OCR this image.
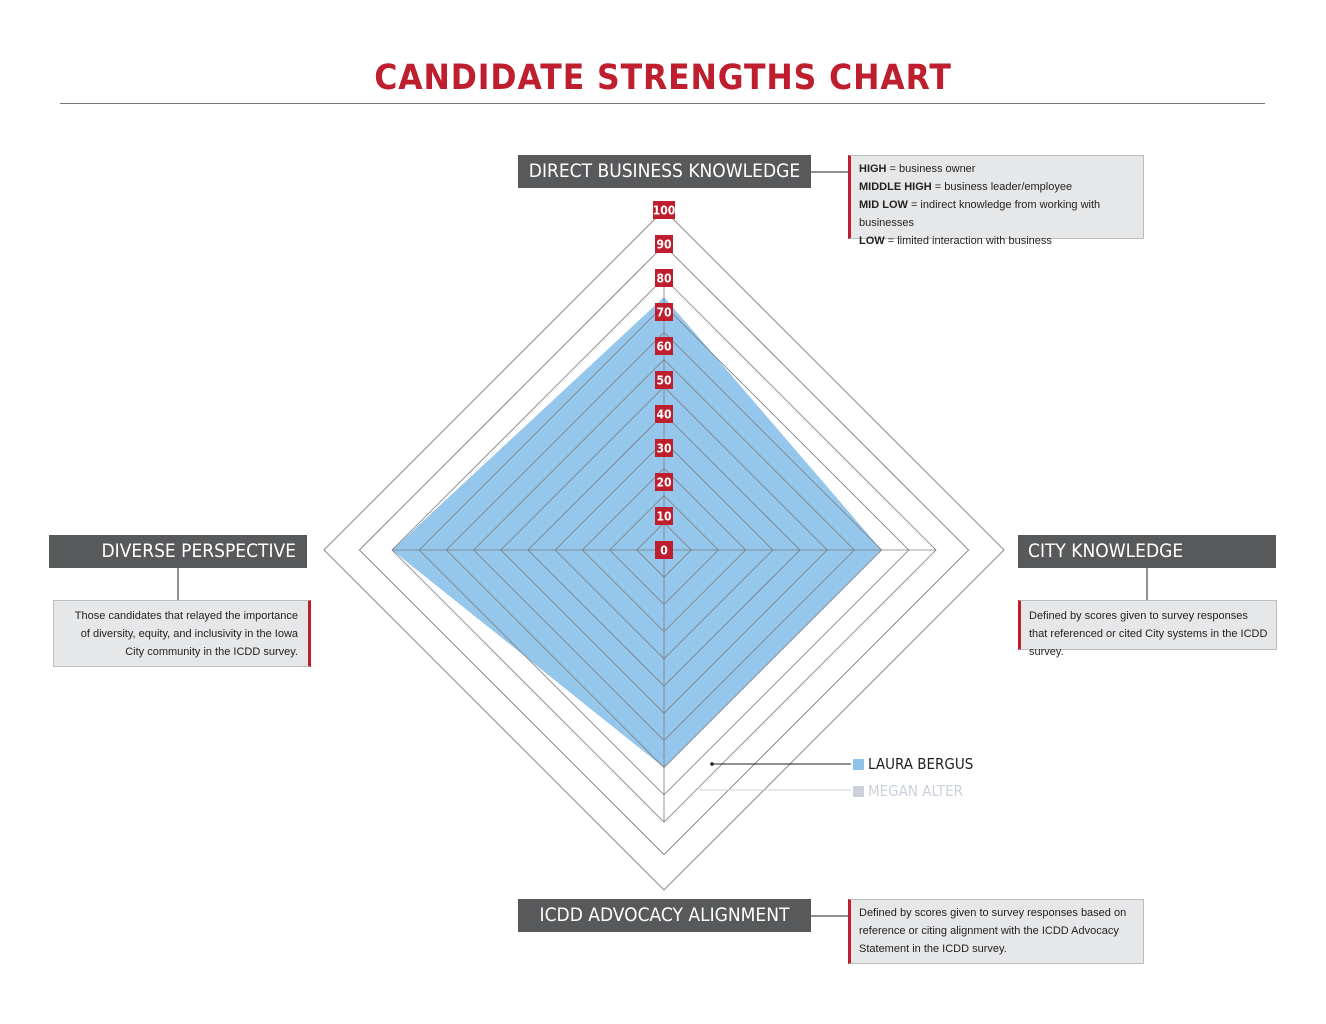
CANDIDATE STRENGTHS CHART
0
10
20
30
40
50
60
70
80
90
100
DIRECT BUSINESS KNOWLEDGE
CITY KNOWLEDGE
ICDD ADVOCACY ALIGNMENT
DIVERSE PERSPECTIVE
HIGH = business owner
MIDDLE HIGH = business leader/employee
MID LOW = indirect knowledge from working with businesses
LOW = limited interaction with business
Those candidates that relayed the importance of diversity, equity, and inclusivity in the Iowa City community in the ICDD survey.
Defined by scores given to survey responses that referenced or cited City systems in the ICDD survey.
Defined by scores given to survey responses based on reference or citing alignment with the ICDD Advocacy Statement in the ICDD survey.
LAURA BERGUS
MEGAN ALTER
